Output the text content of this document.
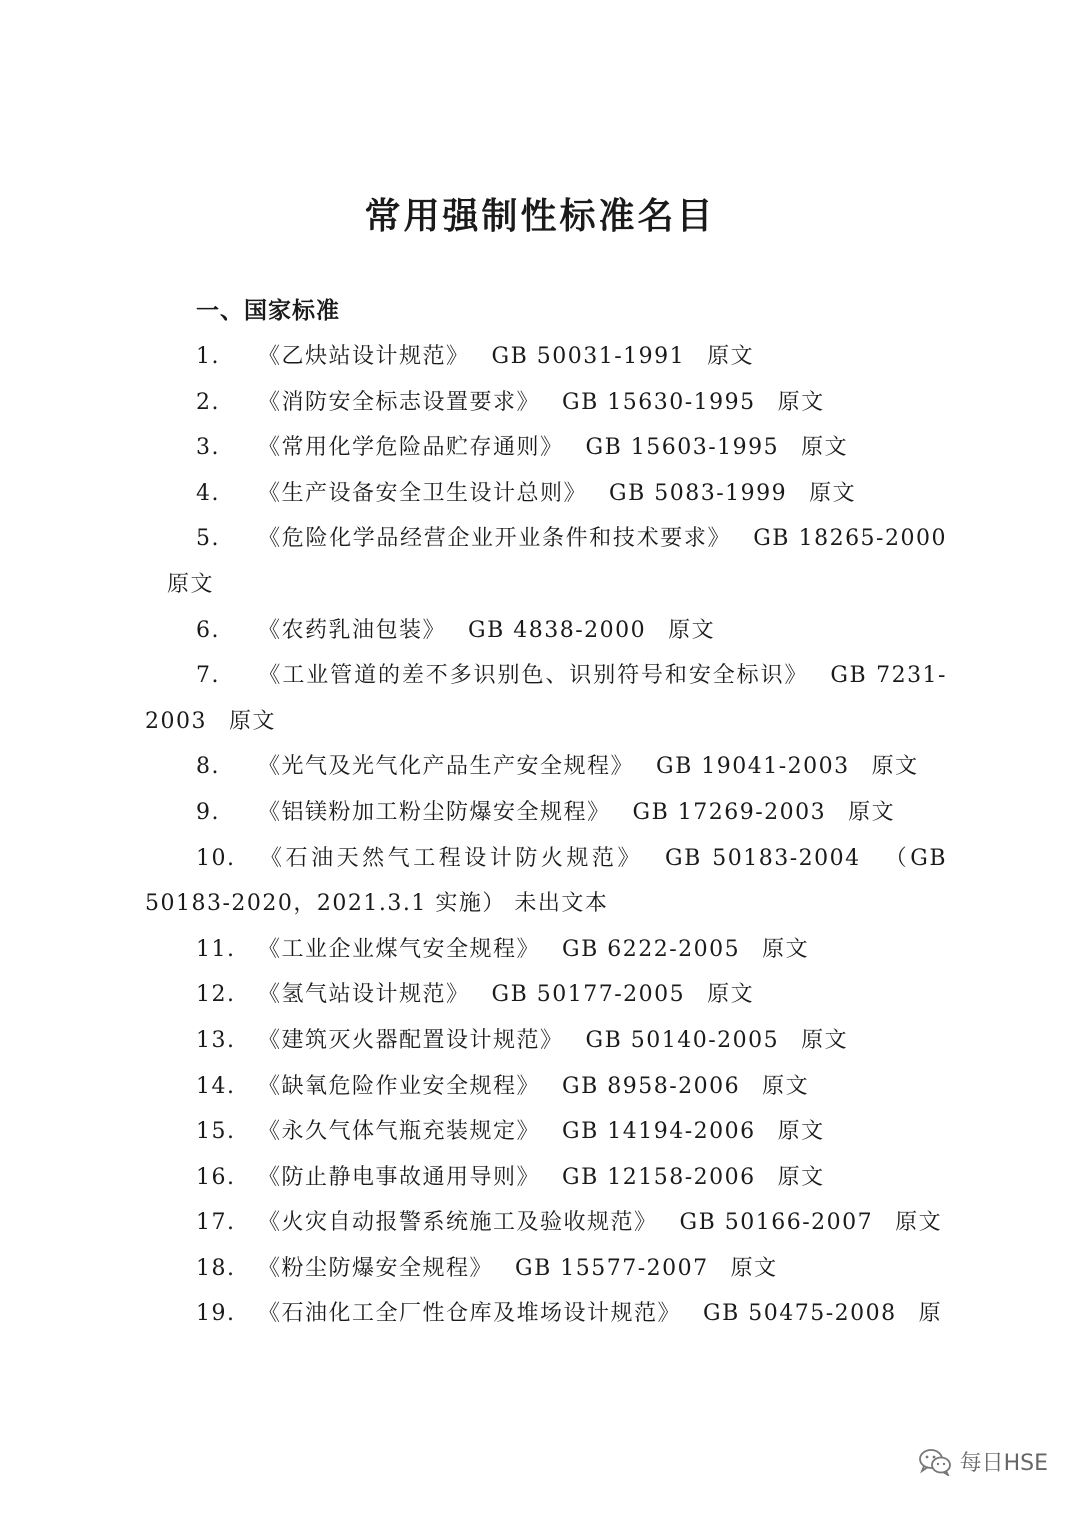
常用强制性标准名目
一、国家标准
1. 《乙炔站设计规范》 GB 50031-1991 原文
2. 《消防安全标志设置要求》 GB 15630-1995 原文
3. 《常用化学危险品贮存通则》 GB 15603-1995 原文
4. 《生产设备安全卫生设计总则》 GB 5083-1999 原文
5. 《危险化学品经营企业开业条件和技术要求》 GB 18265-2000原文
6. 《农药乳油包装》 GB 4838-2000 原文
7. 《工业管道的差不多识别色、识别符号和安全标识》 GB 7231-2003 原文
8. 《光气及光气化产品生产安全规程》 GB 19041-2003 原文
9. 《铝镁粉加工粉尘防爆安全规程》 GB 17269-2003 原文
10. 《石油天然气工程设计防火规范》 GB 50183-2004 （GB 50183-2020，2021.3.1 实施） 未出文本
11. 《工业企业煤气安全规程》 GB 6222-2005 原文
12. 《氢气站设计规范》 GB 50177-2005 原文
13. 《建筑灭火器配置设计规范》 GB 50140-2005 原文
14. 《缺氧危险作业安全规程》 GB 8958-2006 原文
15. 《永久气体气瓶充装规定》 GB 14194-2006 原文
16. 《防止静电事故通用导则》 GB 12158-2006 原文
17. 《火灾自动报警系统施工及验收规范》 GB 50166-2007 原文
18. 《粉尘防爆安全规程》 GB 15577-2007 原文
19. 《石油化工全厂性仓库及堆场设计规范》 GB 50475-2008 原
每日HSE
